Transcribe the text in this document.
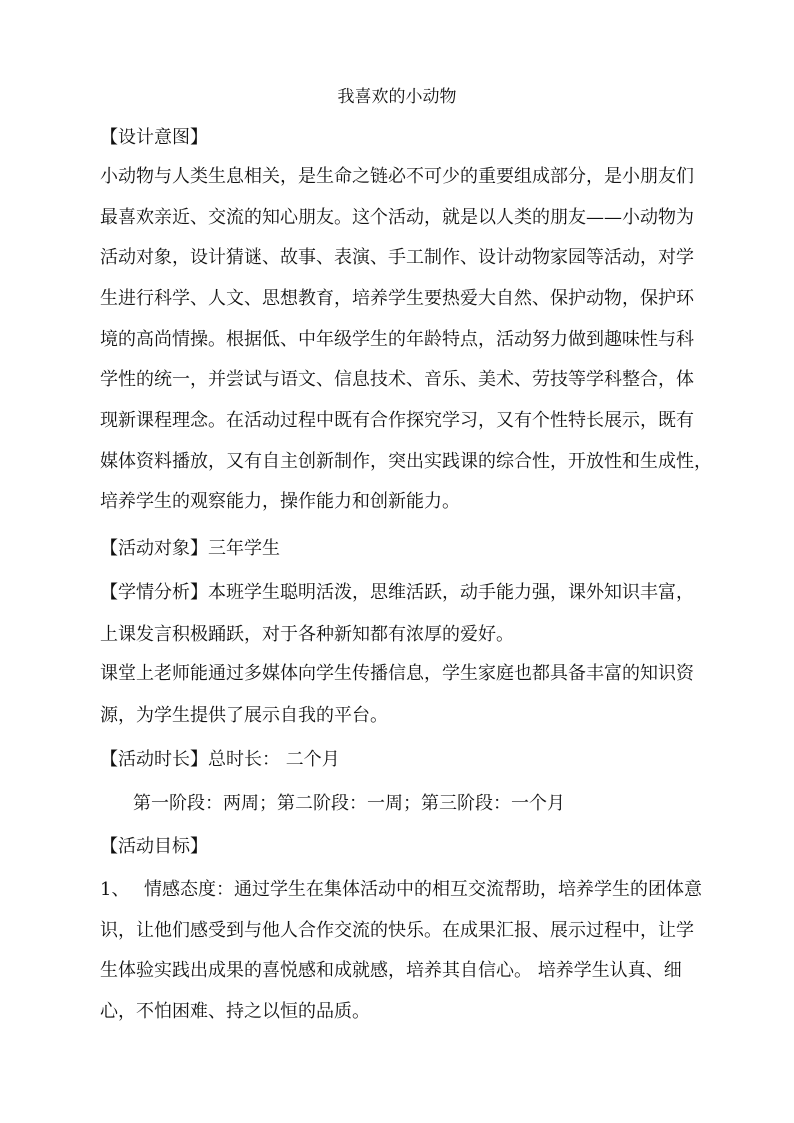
我喜欢的小动物
【设计意图】
小动物与人类生息相关，是生命之链必不可少的重要组成部分，是小朋友们
最喜欢亲近、交流的知心朋友。这个活动，就是以人类的朋友——小动物为
活动对象，设计猜谜、故事、表演、手工制作、设计动物家园等活动，对学
生进行科学、人文、思想教育，培养学生要热爱大自然、保护动物，保护环
境的高尚情操。根据低、中年级学生的年龄特点，活动努力做到趣味性与科
学性的统一，并尝试与语文、信息技术、音乐、美术、劳技等学科整合，体
现新课程理念。在活动过程中既有合作探究学习，又有个性特长展示，既有
媒体资料播放，又有自主创新制作，突出实践课的综合性，开放性和生成性，
培养学生的观察能力，操作能力和创新能力。
【活动对象】三年学生
【学情分析】本班学生聪明活泼，思维活跃，动手能力强，课外知识丰富，
上课发言积极踊跃，对于各种新知都有浓厚的爱好。
课堂上老师能通过多媒体向学生传播信息，学生家庭也都具备丰富的知识资
源，为学生提供了展示自我的平台。
【活动时长】总时长： 二个月
第一阶段：两周；第二阶段：一周；第三阶段：一个月
【活动目标】
1、 情感态度：通过学生在集体活动中的相互交流帮助，培养学生的团体意
识，让他们感受到与他人合作交流的快乐。在成果汇报、展示过程中，让学
生体验实践出成果的喜悦感和成就感，培养其自信心。 培养学生认真、细
心，不怕困难、持之以恒的品质。
